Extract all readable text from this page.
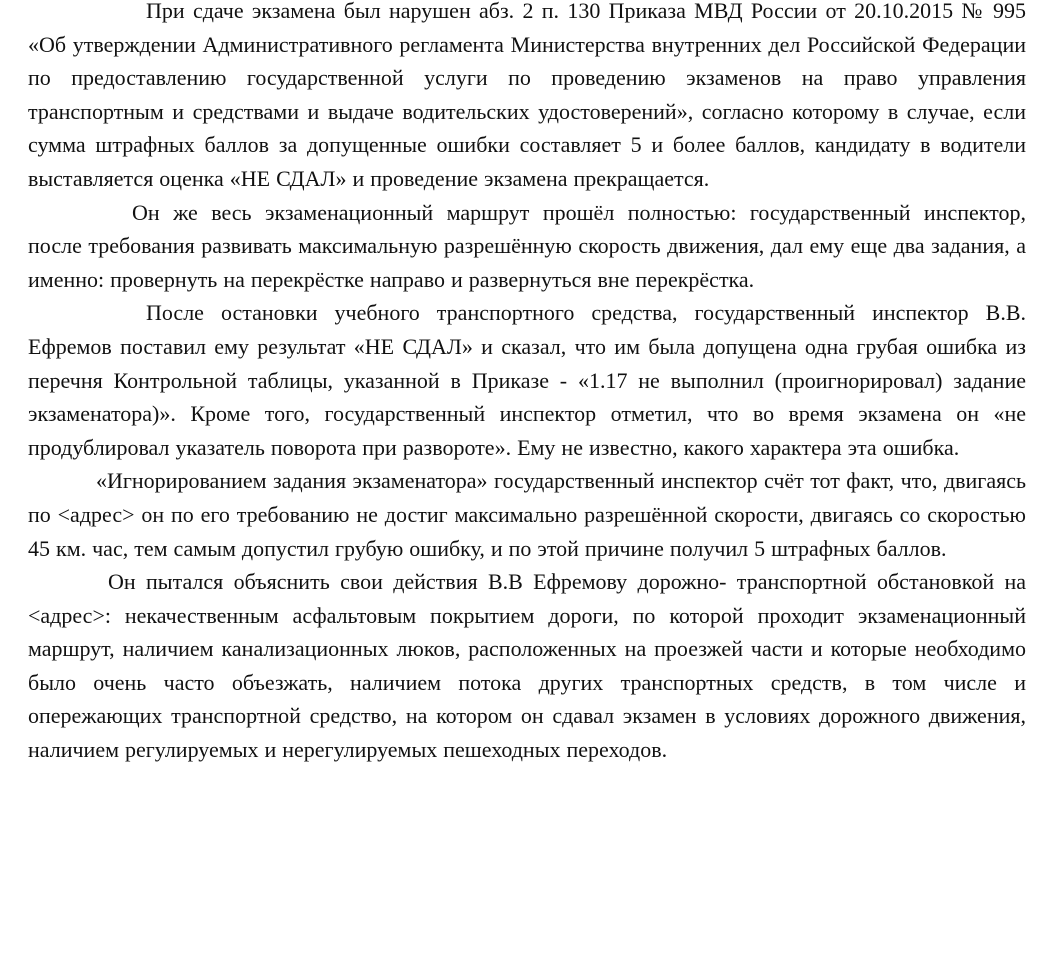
При сдаче экзамена был нарушен абз. 2 п. 130 Приказа МВД России от 20.10.2015 № 995 «Об утверждении Административного регламента Министерства внутренних дел Российской Федерации по предоставлению государственной услуги по проведению экзаменов на право управления транспортным и средствами и выдаче водительских удостоверений», согласно которому в случае, если сумма штрафных баллов за допущенные ошибки составляет 5 и более баллов, кандидату в водители выставляется оценка «НЕ СДАЛ» и проведение экзамена прекращается.

Он же весь экзаменационный маршрут прошёл полностью: государственный инспектор, после требования развивать максимальную разрешённую скорость движения, дал ему еще два задания, а именно: провернуть на перекрёстке направо и развернуться вне перекрёстка.

После остановки учебного транспортного средства, государственный инспектор В.В. Ефремов поставил ему результат «НЕ СДАЛ» и сказал, что им была допущена одна грубая ошибка из перечня Контрольной таблицы, указанной в Приказе - «1.17 не выполнил (проигнорировал) задание экзаменатора)». Кроме того, государственный инспектор отметил, что во время экзамена он «не продублировал указатель поворота при развороте». Ему не известно, какого характера эта ошибка.

«Игнорированием задания экзаменатора» государственный инспектор счёт тот факт, что, двигаясь по <адрес> он по его требованию не достиг максимально разрешённой скорости, двигаясь со скоростью 45 км. час, тем самым допустил грубую ошибку, и по этой причине получил 5 штрафных баллов.

Он пытался объяснить свои действия В.В Ефремову дорожно- транспортной обстановкой на <адрес>: некачественным асфальтовым покрытием дороги, по которой проходит экзаменационный маршрут, наличием канализационных люков, расположенных на проезжей части и которые необходимо было очень часто объезжать, наличием потока других транспортных средств, в том числе и опережающих транспортной средство, на котором он сдавал экзамен в условиях дорожного движения, наличием регулируемых и нерегулируемых пешеходных переходов.
